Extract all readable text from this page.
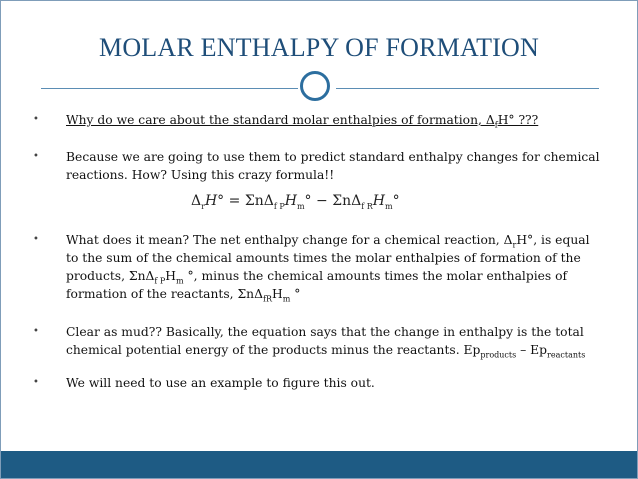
MOLAR ENTHALPY OF FORMATION

• Why do we care about the standard molar enthalpies of formation, $\Delta_fH^\circ$ ???

• Because we are going to use them to predict standard enthalpy changes for chemical reactions. How? Using this crazy formula!!

• What does it mean? The net enthalpy change for a chemical reaction, $\Delta_rH^\circ$, is equal to the sum of the chemical amounts times the molar enthalpies of formation of the products, $\Sigma n\Delta_{f P}H_m$ °, minus the chemical amounts times the molar enthalpies of formation of the reactants, $\Sigma n\Delta_{fR}H_m$ °

• Clear as mud?? Basically, the equation says that the change in enthalpy is the total chemical potential energy of the products minus the reactants. $Ep_{products} - Ep_{reactants}$

• We will need to use an example to figure this out.

$\Delta_rH^\circ = \Sigma n\Delta_{f P}H_m^\circ - \Sigma n\Delta_{f R}H_m^\circ$
